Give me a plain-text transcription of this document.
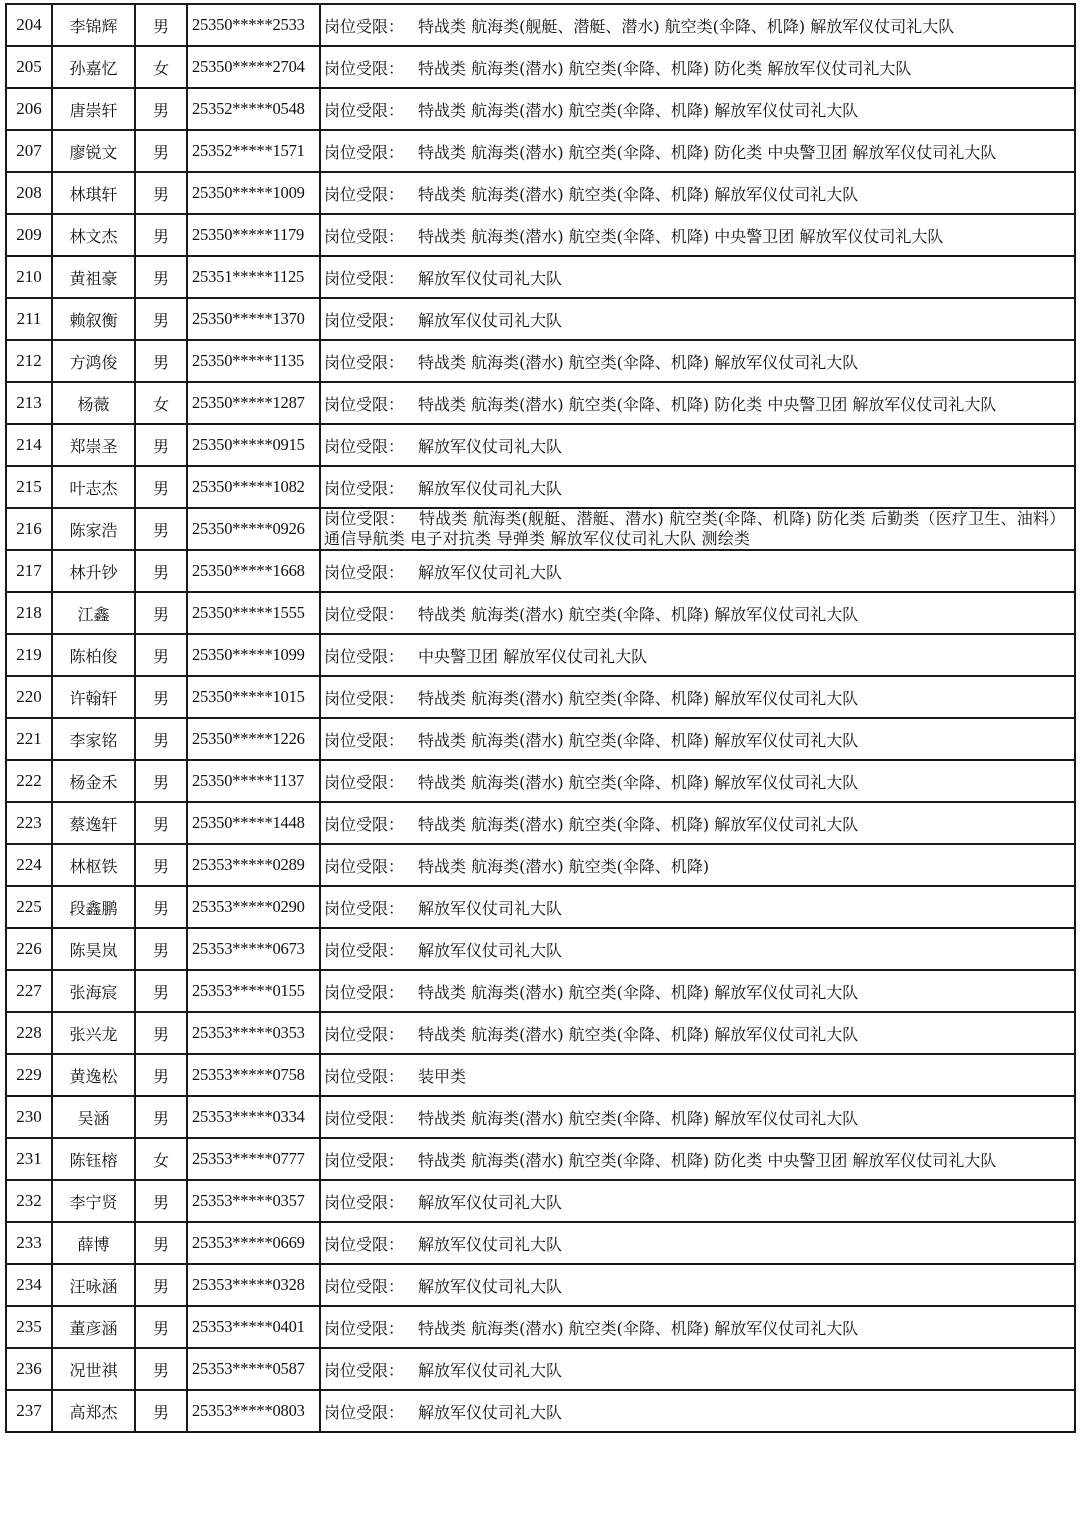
204	李锦辉	男	25350*****2533	岗位受限： 特战类 航海类(舰艇、潜艇、潜水) 航空类(伞降、机降) 解放军仪仗司礼大队
205	孙嘉忆	女	25350*****2704	岗位受限： 特战类 航海类(潜水) 航空类(伞降、机降) 防化类 解放军仪仗司礼大队
206	唐崇轩	男	25352*****0548	岗位受限： 特战类 航海类(潜水) 航空类(伞降、机降) 解放军仪仗司礼大队
207	廖锐文	男	25352*****1571	岗位受限： 特战类 航海类(潜水) 航空类(伞降、机降) 防化类 中央警卫团 解放军仪仗司礼大队
208	林琪轩	男	25350*****1009	岗位受限： 特战类 航海类(潜水) 航空类(伞降、机降) 解放军仪仗司礼大队
209	林文杰	男	25350*****1179	岗位受限： 特战类 航海类(潜水) 航空类(伞降、机降) 中央警卫团 解放军仪仗司礼大队
210	黄祖豪	男	25351*****1125	岗位受限： 解放军仪仗司礼大队
211	赖叙衡	男	25350*****1370	岗位受限： 解放军仪仗司礼大队
212	方鸿俊	男	25350*****1135	岗位受限： 特战类 航海类(潜水) 航空类(伞降、机降) 解放军仪仗司礼大队
213	杨薇	女	25350*****1287	岗位受限： 特战类 航海类(潜水) 航空类(伞降、机降) 防化类 中央警卫团 解放军仪仗司礼大队
214	郑崇圣	男	25350*****0915	岗位受限： 解放军仪仗司礼大队
215	叶志杰	男	25350*****1082	岗位受限： 解放军仪仗司礼大队
216	陈家浩	男	25350*****0926	岗位受限： 特战类 航海类(舰艇、潜艇、潜水) 航空类(伞降、机降) 防化类 后勤类（医疗卫生、油料） 通信导航类 电子对抗类 导弹类 解放军仪仗司礼大队 测绘类
217	林升钞	男	25350*****1668	岗位受限： 解放军仪仗司礼大队
218	江鑫	男	25350*****1555	岗位受限： 特战类 航海类(潜水) 航空类(伞降、机降) 解放军仪仗司礼大队
219	陈柏俊	男	25350*****1099	岗位受限： 中央警卫团 解放军仪仗司礼大队
220	许翰轩	男	25350*****1015	岗位受限： 特战类 航海类(潜水) 航空类(伞降、机降) 解放军仪仗司礼大队
221	李家铭	男	25350*****1226	岗位受限： 特战类 航海类(潜水) 航空类(伞降、机降) 解放军仪仗司礼大队
222	杨金禾	男	25350*****1137	岗位受限： 特战类 航海类(潜水) 航空类(伞降、机降) 解放军仪仗司礼大队
223	蔡逸轩	男	25350*****1448	岗位受限： 特战类 航海类(潜水) 航空类(伞降、机降) 解放军仪仗司礼大队
224	林枢铁	男	25353*****0289	岗位受限： 特战类 航海类(潜水) 航空类(伞降、机降)
225	段鑫鹏	男	25353*****0290	岗位受限： 解放军仪仗司礼大队
226	陈昊岚	男	25353*****0673	岗位受限： 解放军仪仗司礼大队
227	张海宸	男	25353*****0155	岗位受限： 特战类 航海类(潜水) 航空类(伞降、机降) 解放军仪仗司礼大队
228	张兴龙	男	25353*****0353	岗位受限： 特战类 航海类(潜水) 航空类(伞降、机降) 解放军仪仗司礼大队
229	黄逸松	男	25353*****0758	岗位受限： 装甲类
230	吴涵	男	25353*****0334	岗位受限： 特战类 航海类(潜水) 航空类(伞降、机降) 解放军仪仗司礼大队
231	陈钰榕	女	25353*****0777	岗位受限： 特战类 航海类(潜水) 航空类(伞降、机降) 防化类 中央警卫团 解放军仪仗司礼大队
232	李宁贤	男	25353*****0357	岗位受限： 解放军仪仗司礼大队
233	薛博	男	25353*****0669	岗位受限： 解放军仪仗司礼大队
234	汪咏涵	男	25353*****0328	岗位受限： 解放军仪仗司礼大队
235	董彦涵	男	25353*****0401	岗位受限： 特战类 航海类(潜水) 航空类(伞降、机降) 解放军仪仗司礼大队
236	况世祺	男	25353*****0587	岗位受限： 解放军仪仗司礼大队
237	高郑杰	男	25353*****0803	岗位受限： 解放军仪仗司礼大队
